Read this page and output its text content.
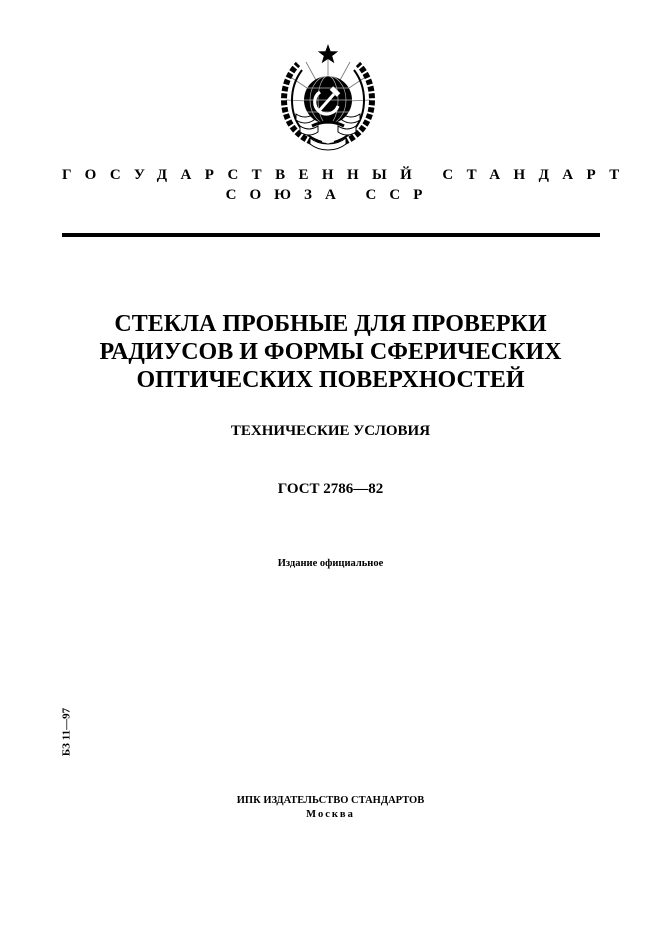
ГОСУДАРСТВЕННЫЙ СТАНДАРТ
СОЮЗА ССР
СТЕКЛА ПРОБНЫЕ ДЛЯ ПРОВЕРКИ
РАДИУСОВ И ФОРМЫ СФЕРИЧЕСКИХ
ОПТИЧЕСКИХ ПОВЕРХНОСТЕЙ
ТЕХНИЧЕСКИЕ УСЛОВИЯ
ГОСТ 2786—82
Издание официальное
БЗ 11—97
ИПК ИЗДАТЕЛЬСТВО СТАНДАРТОВ
Москва
